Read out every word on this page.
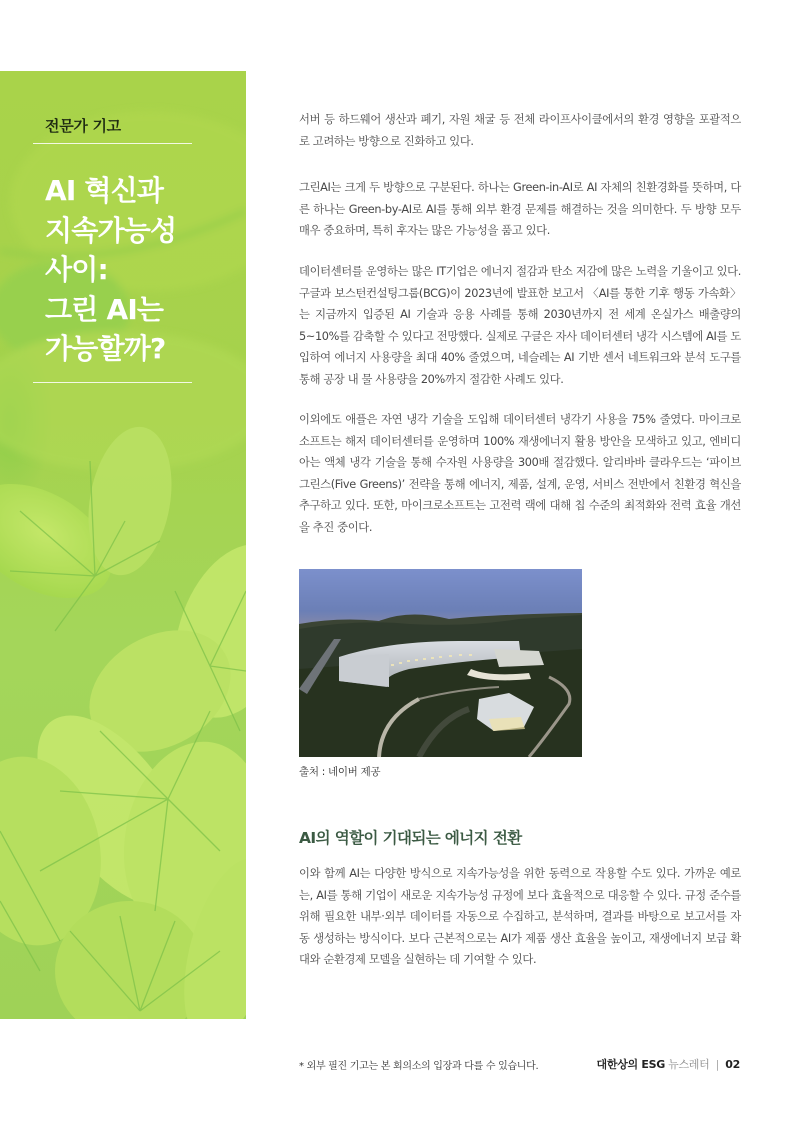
전문가 기고
AI 혁신과
지속가능성
사이:
그린 AI는
가능할까?

서버 등 하드웨어 생산과 폐기, 자원 채굴 등 전체 라이프사이클에서의 환경 영향을 포괄적으로 고려하는 방향으로 진화하고 있다.

그린AI는 크게 두 방향으로 구분된다. 하나는 Green-in-AI로 AI 자체의 친환경화를 뜻하며, 다른 하나는 Green-by-AI로 AI를 통해 외부 환경 문제를 해결하는 것을 의미한다. 두 방향 모두 매우 중요하며, 특히 후자는 많은 가능성을 품고 있다.

데이터센터를 운영하는 많은 IT기업은 에너지 절감과 탄소 저감에 많은 노력을 기울이고 있다. 구글과 보스턴컨설팅그룹(BCG)이 2023년에 발표한 보고서 〈AI를 통한 기후 행동 가속화〉는 지금까지 입증된 AI 기술과 응용 사례를 통해 2030년까지 전 세계 온실가스 배출량의 5~10%를 감축할 수 있다고 전망했다. 실제로 구글은 자사 데이터센터 냉각 시스템에 AI를 도입하여 에너지 사용량을 최대 40% 줄였으며, 네슬레는 AI 기반 센서 네트워크와 분석 도구를 통해 공장 내 물 사용량을 20%까지 절감한 사례도 있다.

이외에도 애플은 자연 냉각 기술을 도입해 데이터센터 냉각기 사용을 75% 줄였다. 마이크로소프트는 해저 데이터센터를 운영하며 100% 재생에너지 활용 방안을 모색하고 있고, 엔비디아는 액체 냉각 기술을 통해 수자원 사용량을 300배 절감했다. 알리바바 클라우드는 ‘파이브 그린스(Five Greens)’ 전략을 통해 에너지, 제품, 설계, 운영, 서비스 전반에서 친환경 혁신을 추구하고 있다. 또한, 마이크로소프트는 고전력 랙에 대해 칩 수준의 최적화와 전력 효율 개선을 추진 중이다.

출처 : 네이버 제공

AI의 역할이 기대되는 에너지 전환

이와 함께 AI는 다양한 방식으로 지속가능성을 위한 동력으로 작용할 수도 있다. 가까운 예로는, AI를 통해 기업이 새로운 지속가능성 규정에 보다 효율적으로 대응할 수 있다. 규정 준수를 위해 필요한 내부·외부 데이터를 자동으로 수집하고, 분석하며, 결과를 바탕으로 보고서를 자동 생성하는 방식이다. 보다 근본적으로는 AI가 제품 생산 효율을 높이고, 재생에너지 보급 확대와 순환경제 모델을 실현하는 데 기여할 수 있다.

* 외부 필진 기고는 본 회의소의 입장과 다를 수 있습니다.	대한상의 ESG 뉴스레터 | 02
